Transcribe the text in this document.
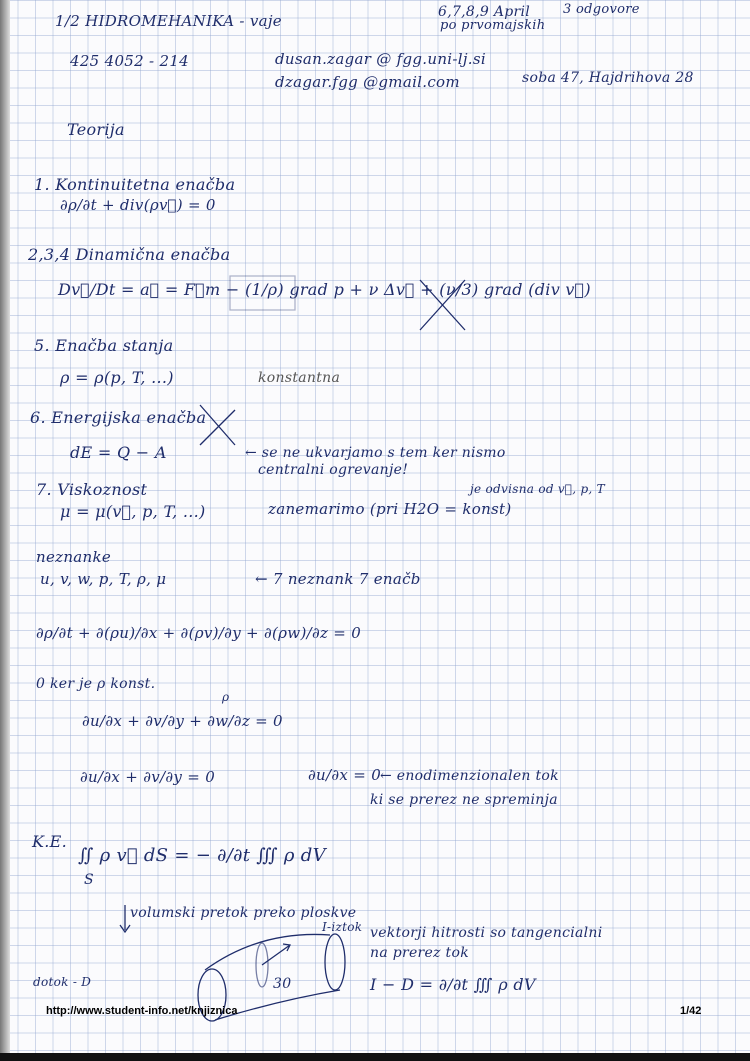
1/2 HIDROMEHANIKA - vaje	6,7,8,9 April
po prvomajskih
3 odgovore
425 4052 - 214	dusan.zagar @ fgg.uni-lj.si
dzagar.fgg @gmail.com	soba 47, Hajdrihova 28
Teorija
1. Kontinuitetna enačba
∂ρ/∂t + div(ρv⃗) = 0
2,3,4 Dinamična enačba
Dv⃗/Dt = a⃗ = F⃗m − (1/ρ) grad p + ν Δv⃗ + (ν/3) grad (div v⃗)
5. Enačba stanja
ρ = ρ(p, T, ...)	konstantna
6. Energijska enačba
dE = Q − A	← se ne ukvarjamo s tem ker nismo
centralni ogrevanje!
7. Viskoznost	je odvisna od v⃗, p, T
μ = μ(v⃗, p, T, ...)	zanemarimo (pri H2O = konst)
neznanke
u, v, w, p, T, ρ, μ	← 7 neznank 7 enačb
∂ρ/∂t + ∂(ρu)/∂x + ∂(ρv)/∂y + ∂(ρw)/∂z = 0
0 ker je ρ konst.
ρ
∂u/∂x + ∂v/∂y + ∂w/∂z = 0
∂u/∂x + ∂v/∂y = 0	∂u/∂x = 0
← enodimenzionalen tok
ki se prerez ne spreminja
K.E.
∬ ρ v⃗ dS = − ∂/∂t ∭ ρ dV
S
volumski pretok preko ploskve
I-iztok vektorji hitrosti so tangencialni
na prerez tok
dotok - D	I − D = ∂/∂t ∭ ρ dV
30
http://www.student-info.net/knjiznica	1/42
